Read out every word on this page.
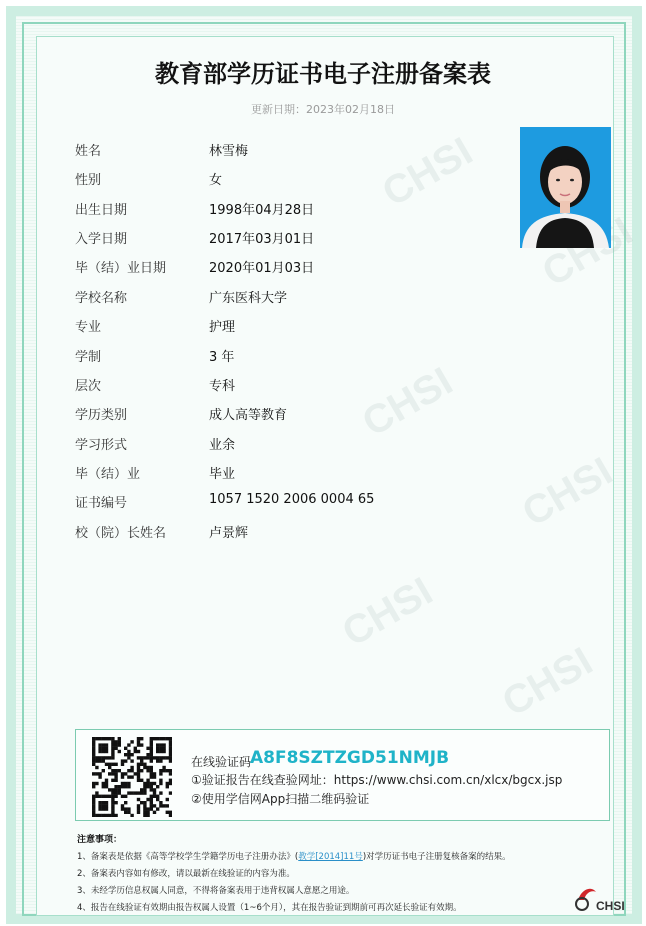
教育部学历证书电子注册备案表
更新日期：2023年02月18日
姓名	林雪梅
性别	女
出生日期	1998年04月28日
入学日期	2017年03月01日
毕（结）业日期	2020年01月03日
学校名称	广东医科大学
专业	护理
学制	3 年
层次	专科
学历类别	成人高等教育
学习形式	业余
毕（结）业	毕业
证书编号	1057 1520 2006 0004 65
校（院）长姓名	卢景辉
在线验证码
A8F8SZTZGD51NMJB
①验证报告在线查验网址：https://www.chsi.com.cn/xlcx/bgcx.jsp
②使用学信网App扫描二维码验证
注意事项：
1、备案表是依据《高等学校学生学籍学历电子注册办法》(教学[2014]11号)对学历证书电子注册复核备案的结果。
2、备案表内容如有修改，请以最新在线验证的内容为准。
3、未经学历信息权属人同意，不得将备案表用于违背权属人意愿之用途。
4、报告在线验证有效期由报告权属人设置（1~6个月），其在报告验证到期前可再次延长验证有效期。	CHSI
